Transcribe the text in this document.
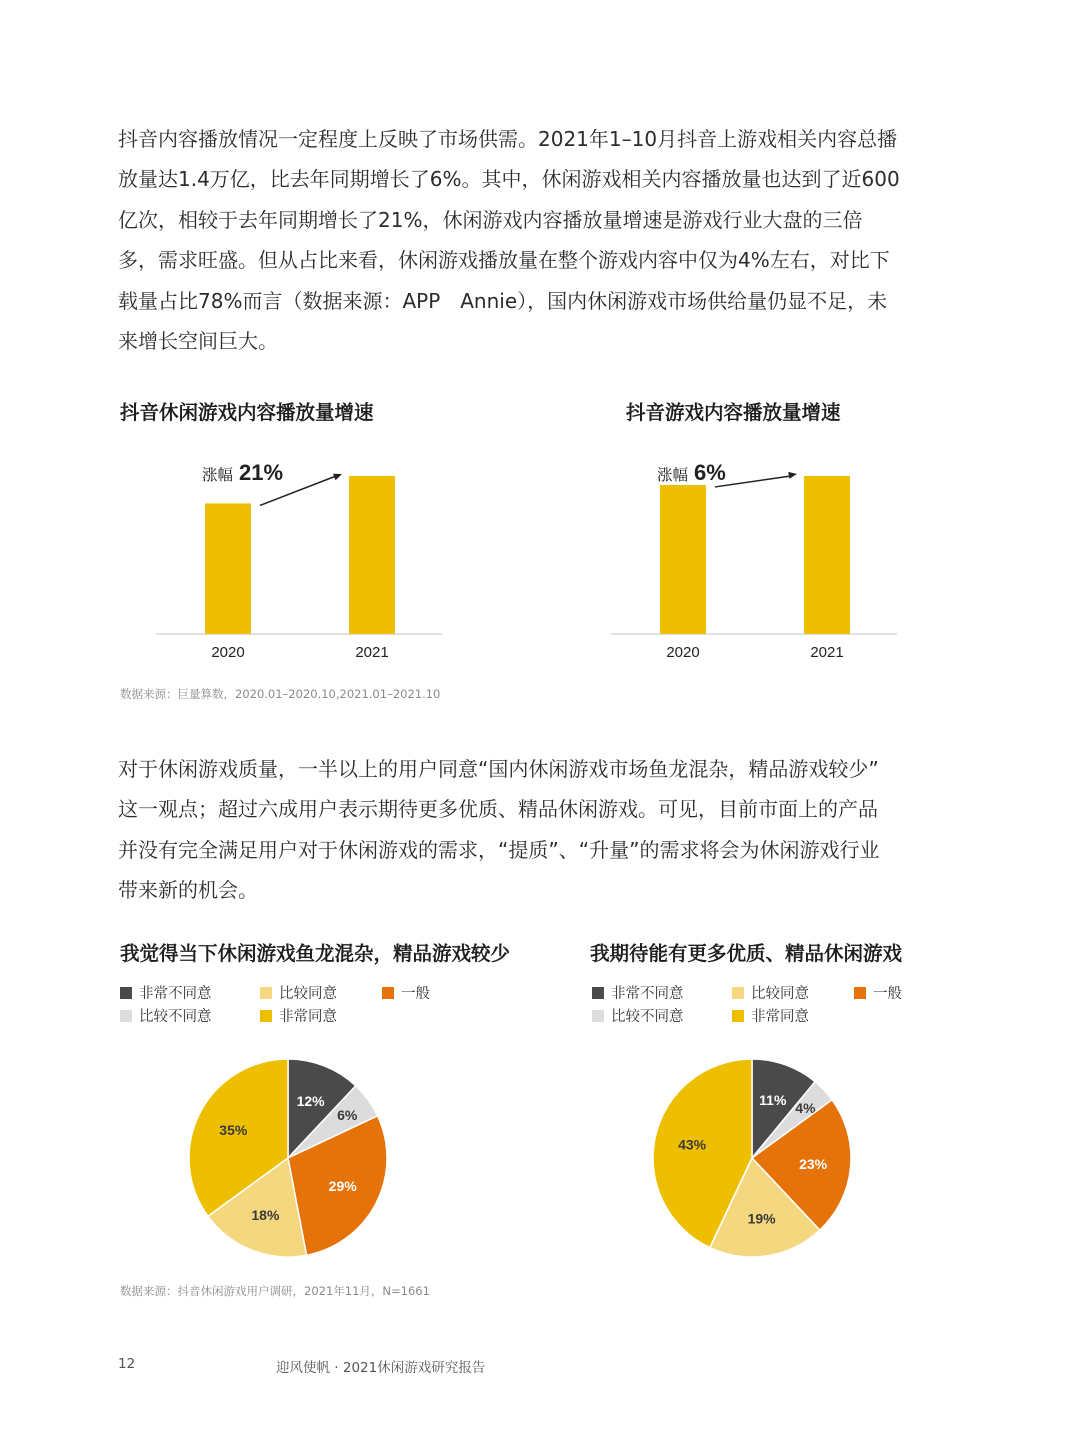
抖音内容播放情况一定程度上反映了市场供需。2021年1–10月抖音上游戏相关内容总播
放量达1.4万亿，比去年同期增长了6%。其中，休闲游戏相关内容播放量也达到了近600
亿次，相较于去年同期增长了21%，休闲游戏内容播放量增速是游戏行业大盘的三倍
多，需求旺盛。但从占比来看，休闲游戏播放量在整个游戏内容中仅为4%左右，对比下
载量占比78%而言（数据来源：APP　Annie），国内休闲游戏市场供给量仍显不足，未
来增长空间巨大。
抖音休闲游戏内容播放量增速	抖音游戏内容播放量增速
2020	2021
涨幅 21%
2020	2021
涨幅 6%
数据来源：巨量算数，2020.01–2020.10,2021.01–2021.10
对于休闲游戏质量，一半以上的用户同意“国内休闲游戏市场鱼龙混杂，精品游戏较少”
这一观点；超过六成用户表示期待更多优质、精品休闲游戏。可见，目前市面上的产品
并没有完全满足用户对于休闲游戏的需求，“提质”、“升量”的需求将会为休闲游戏行业
带来新的机会。
我觉得当下休闲游戏鱼龙混杂，精品游戏较少	我期待能有更多优质、精品休闲游戏
非常不同意	比较同意	一般
比较不同意	非常同意
非常不同意	比较同意	一般
比较不同意	非常同意
12%
6%
29%
18%
35%
11% 4%
23%
19%
43%
数据来源：抖音休闲游戏用户调研，2021年11月，N=1661
12	迎风使帆 · 2021休闲游戏研究报告
